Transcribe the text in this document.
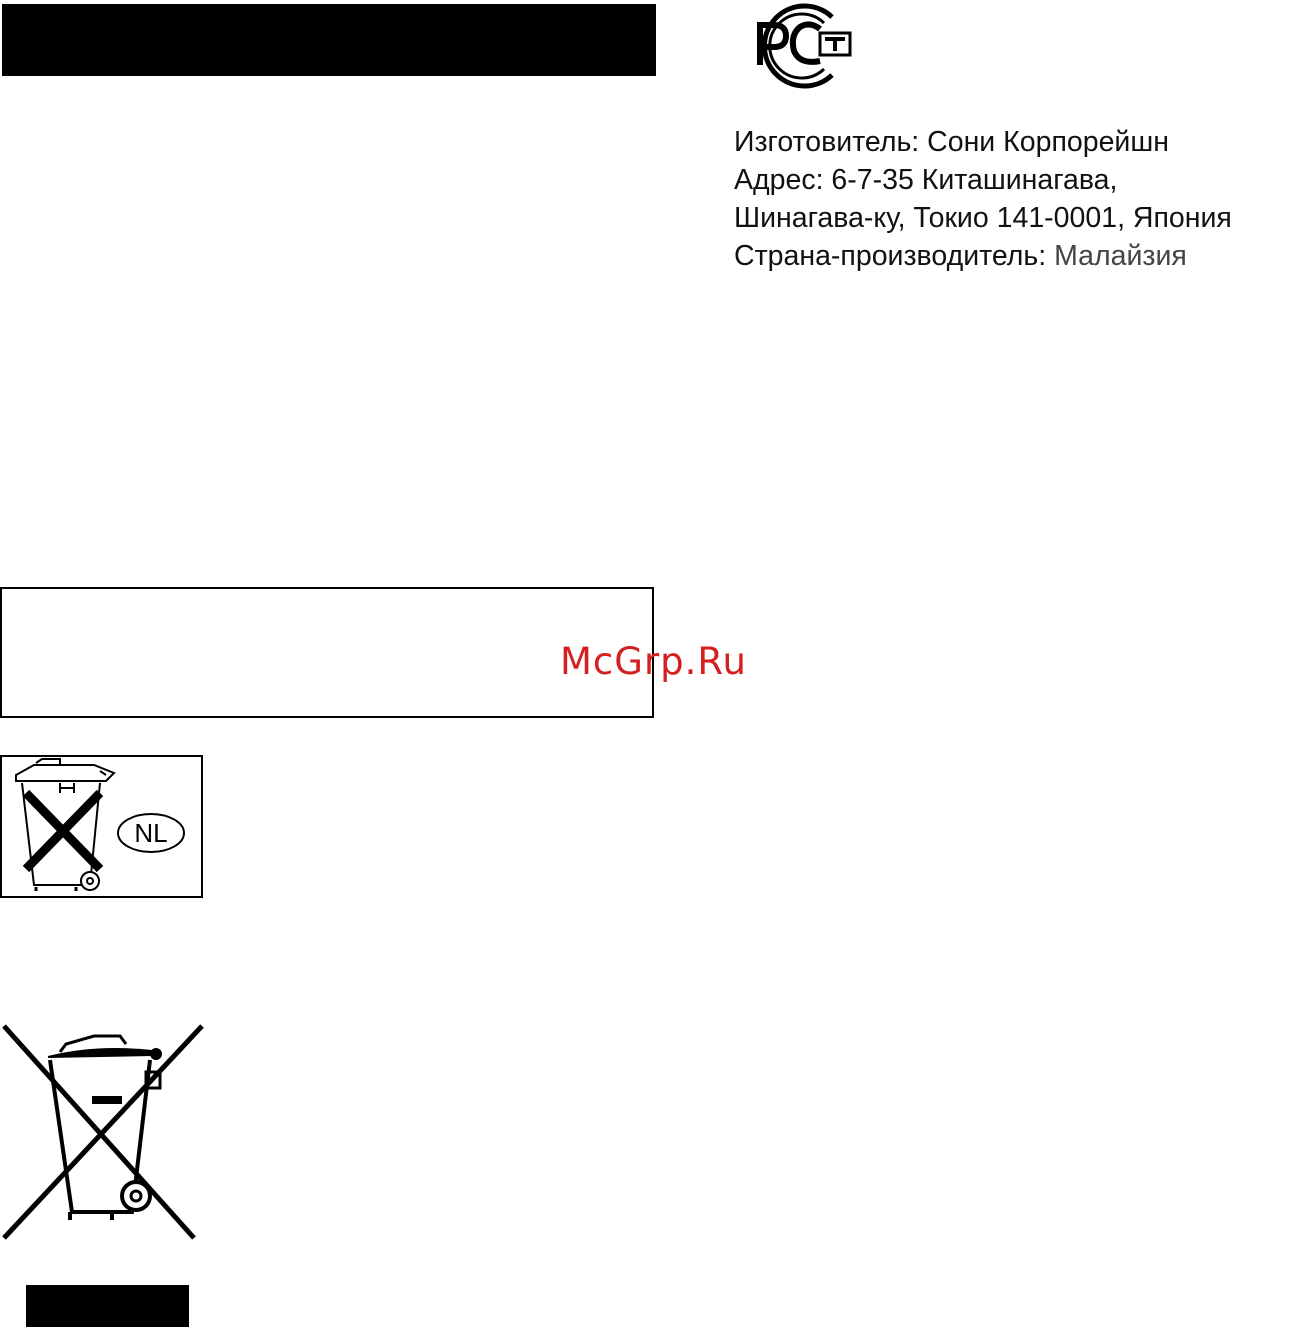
Изготовитель: Сони Корпорейшн
Адрес: 6-7-35 Киташинагава,
Шинагава-ку, Токио 141-0001, Япония
Страна-производитель: Малайзия
McGrp.Ru
NL
